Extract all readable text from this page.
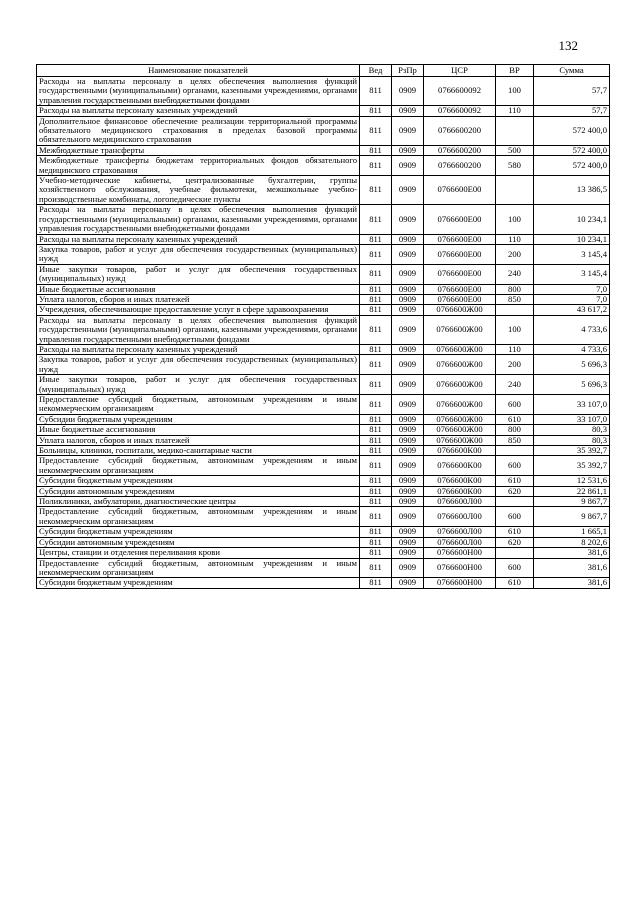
132
Наименование показателей	Вед	РзПр	ЦСР	ВР	Сумма
Расходы на выплаты персоналу в целях обеспечения выполнения функций государственными (муниципальными) органами, казенными учреждениями, органами управления государственными внебюджетными фондами	811	0909	0766600092	100	57,7
Расходы на выплаты персоналу казенных учреждений	811	0909	0766600092	110	57,7
Дополнительное финансовое обеспечение реализации территориальной программы обязательного медицинского страхования в пределах базовой программы обязательного медицинского страхования	811	0909	0766600200		572 400,0
Межбюджетные трансферты	811	0909	0766600200	500	572 400,0
Межбюджетные трансферты бюджетам территориальных фондов обязательного медицинского страхования	811	0909	0766600200	580	572 400,0
Учебно-методические кабинеты, централизованные бухгалтерии, группы хозяйственного обслуживания, учебные фильмотеки, межшкольные учебно-производственные комбинаты, логопедические пункты	811	0909	0766600Е00		13 386,5
Расходы на выплаты персоналу в целях обеспечения выполнения функций государственными (муниципальными) органами, казенными учреждениями, органами управления государственными внебюджетными фондами	811	0909	0766600Е00	100	10 234,1
Расходы на выплаты персоналу казенных учреждений	811	0909	0766600Е00	110	10 234,1
Закупка товаров, работ и услуг для обеспечения государственных (муниципальных) нужд	811	0909	0766600Е00	200	3 145,4
Иные закупки товаров, работ и услуг для обеспечения государственных (муниципальных) нужд	811	0909	0766600Е00	240	3 145,4
Иные бюджетные ассигнования	811	0909	0766600Е00	800	7,0
Уплата налогов, сборов и иных платежей	811	0909	0766600Е00	850	7,0
Учреждения, обеспечивающие предоставление услуг в сфере здравоохранения	811	0909	0766600Ж00		43 617,2
Расходы на выплаты персоналу в целях обеспечения выполнения функций государственными (муниципальными) органами, казенными учреждениями, органами управления государственными внебюджетными фондами	811	0909	0766600Ж00	100	4 733,6
Расходы на выплаты персоналу казенных учреждений	811	0909	0766600Ж00	110	4 733,6
Закупка товаров, работ и услуг для обеспечения государственных (муниципальных) нужд	811	0909	0766600Ж00	200	5 696,3
Иные закупки товаров, работ и услуг для обеспечения государственных (муниципальных) нужд	811	0909	0766600Ж00	240	5 696,3
Предоставление субсидий бюджетным, автономным учреждениям и иным некоммерческим организациям	811	0909	0766600Ж00	600	33 107,0
Субсидии бюджетным учреждениям	811	0909	0766600Ж00	610	33 107,0
Иные бюджетные ассигнования	811	0909	0766600Ж00	800	80,3
Уплата налогов, сборов и иных платежей	811	0909	0766600Ж00	850	80,3
Больницы, клиники, госпитали, медико-санитарные части	811	0909	0766600К00		35 392,7
Предоставление субсидий бюджетным, автономным учреждениям и иным некоммерческим организациям	811	0909	0766600К00	600	35 392,7
Субсидии бюджетным учреждениям	811	0909	0766600К00	610	12 531,6
Субсидии автономным учреждениям	811	0909	0766600К00	620	22 861,1
Поликлиники, амбулатории, диагностические центры	811	0909	0766600Л00		9 867,7
Предоставление субсидий бюджетным, автономным учреждениям и иным некоммерческим организациям	811	0909	0766600Л00	600	9 867,7
Субсидии бюджетным учреждениям	811	0909	0766600Л00	610	1 665,1
Субсидии автономным учреждениям	811	0909	0766600Л00	620	8 202,6
Центры, станции и отделения переливания крови	811	0909	0766600Н00		381,6
Предоставление субсидий бюджетным, автономным учреждениям и иным некоммерческим организациям	811	0909	0766600Н00	600	381,6
Субсидии бюджетным учреждениям	811	0909	0766600Н00	610	381,6
